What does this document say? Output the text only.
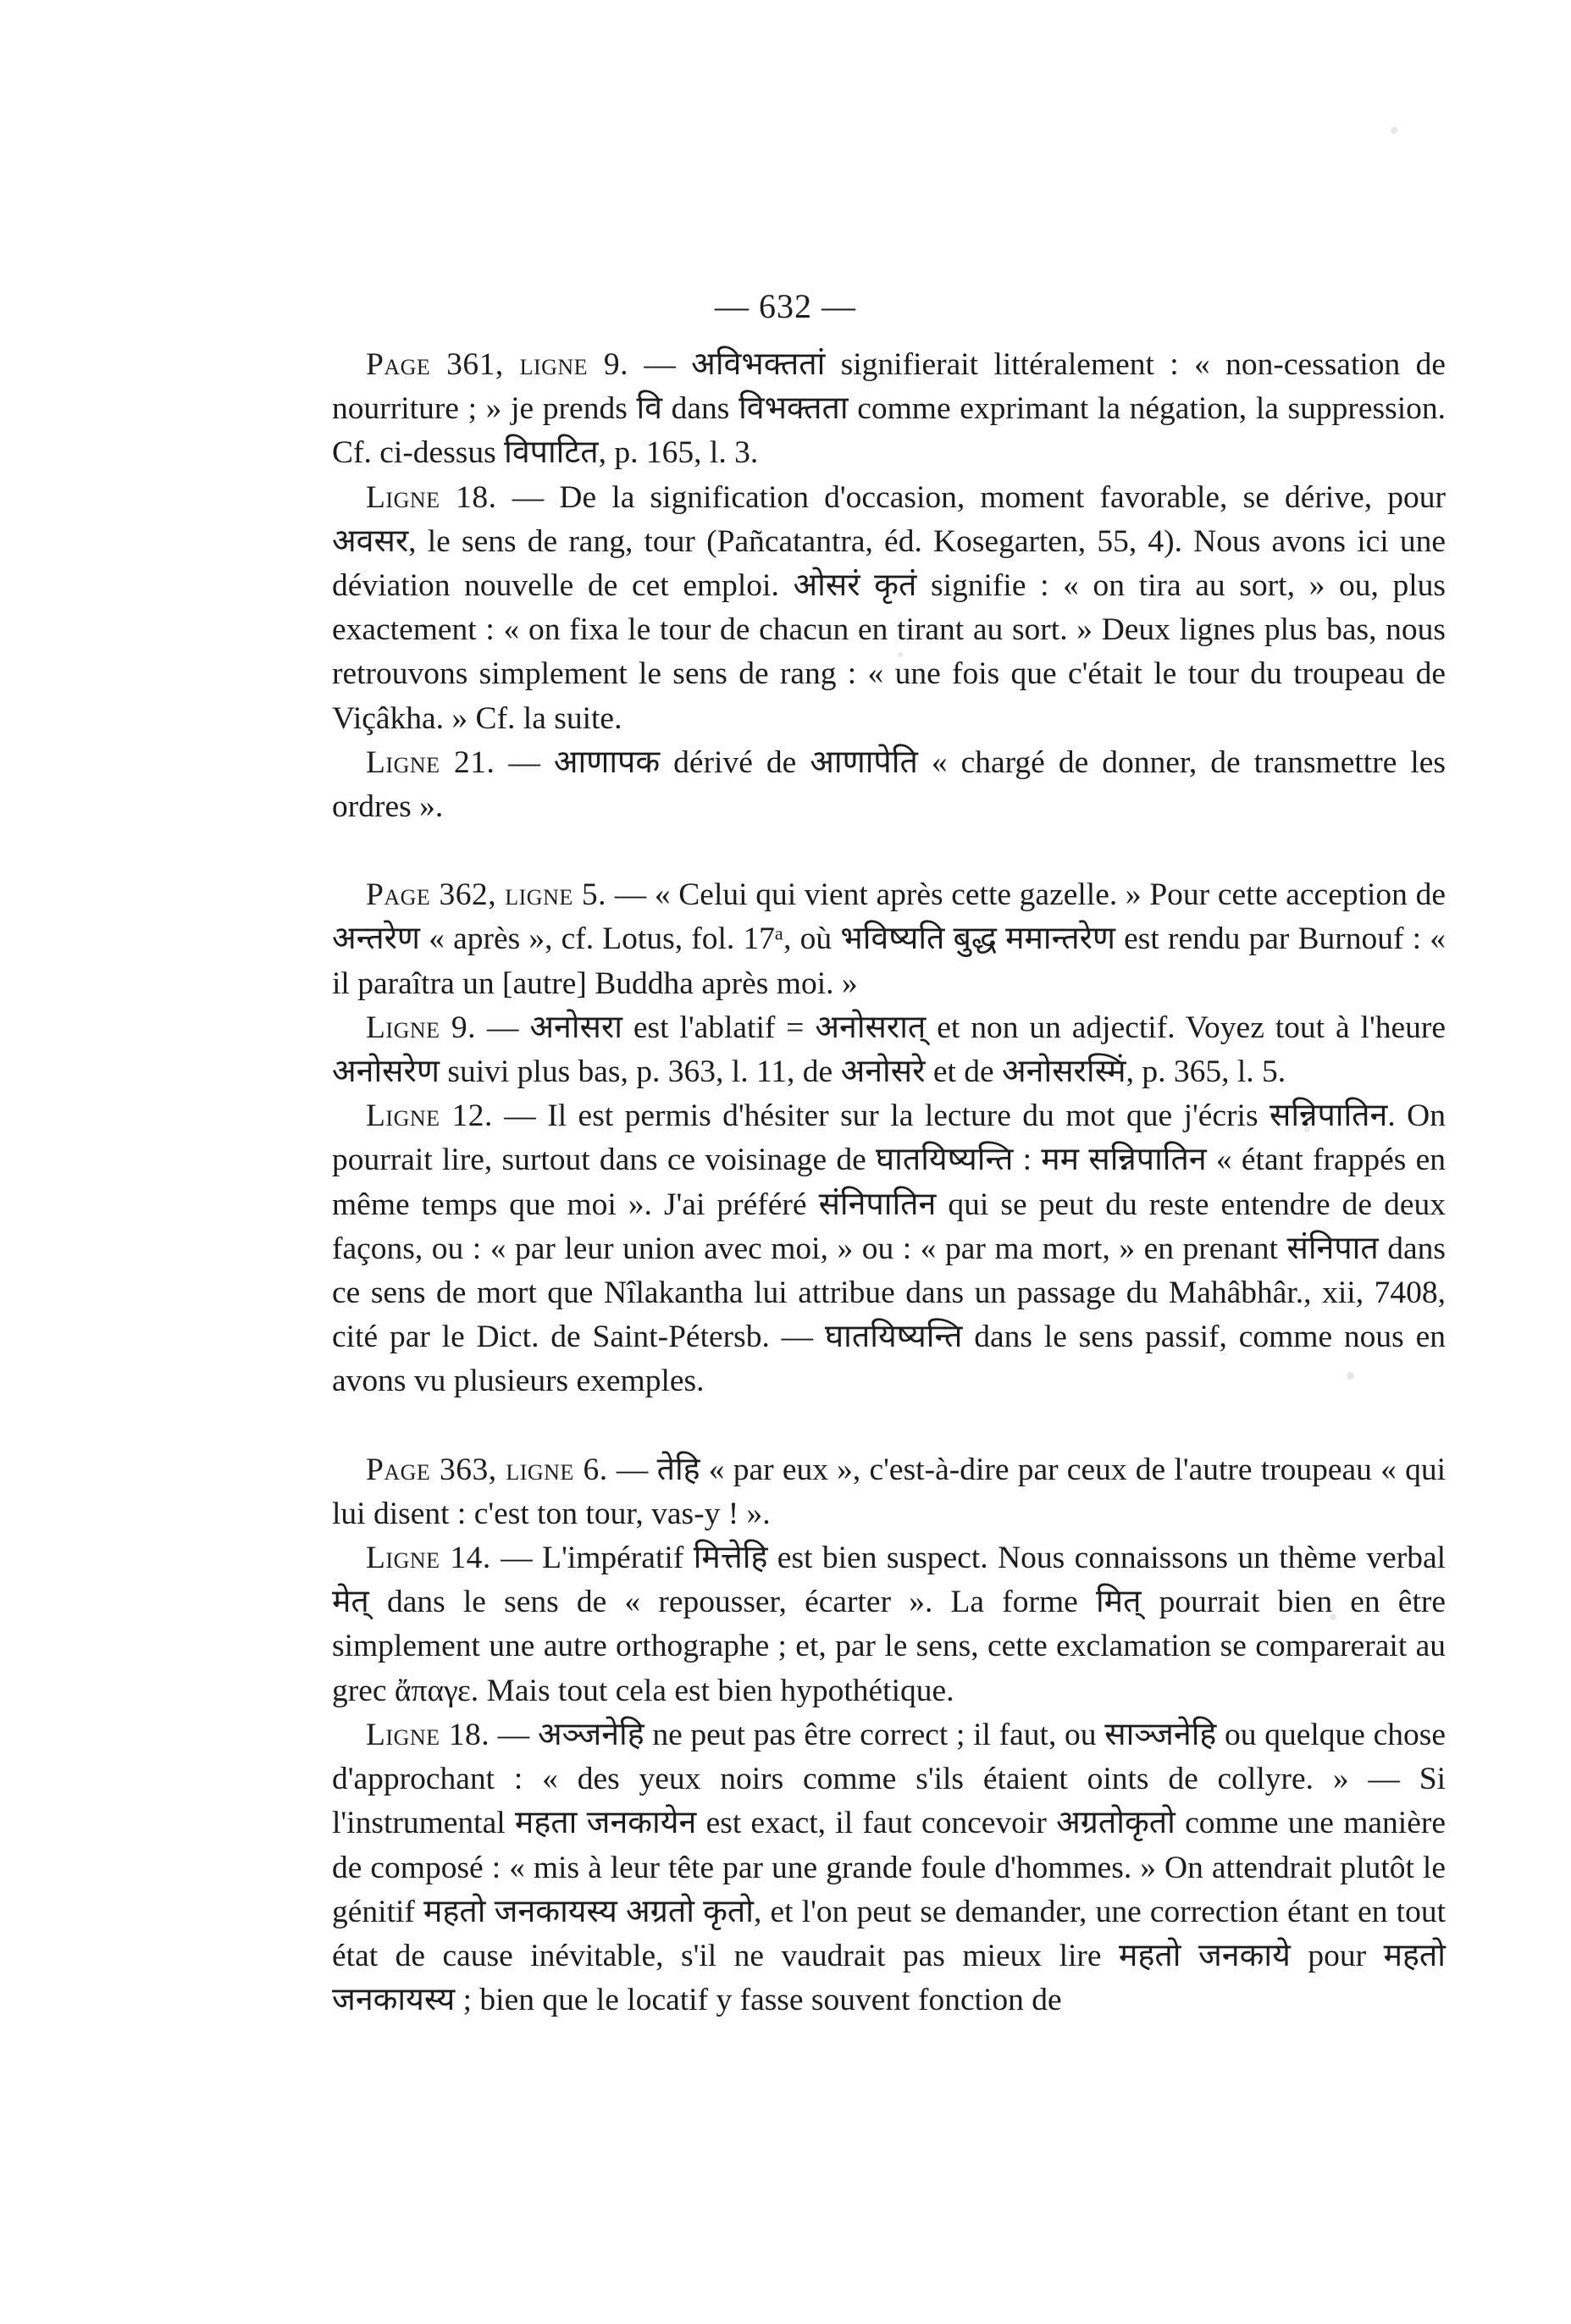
— 632 —

Page 361, ligne 9. — अविभक्ततां signifierait littéralement : « non-cessation de nourriture ; » je prends वि dans विभक्तता comme exprimant la négation, la suppression. Cf. ci-dessus विपाटित, p. 165, l. 3.

Ligne 18. — De la signification d'occasion, moment favorable, se dérive, pour अवसर, le sens de rang, tour (Pañcatantra, éd. Kosegarten, 55, 4). Nous avons ici une déviation nouvelle de cet emploi. ओसरं कृतं signifie : « on tira au sort, » ou, plus exactement : « on fixa le tour de chacun en tirant au sort. » Deux lignes plus bas, nous retrouvons simplement le sens de rang : « une fois que c'était le tour du troupeau de Viçâkha. » Cf. la suite.

Ligne 21. — आणापक dérivé de आणापेति « chargé de donner, de transmettre les ordres ».

Page 362, ligne 5. — « Celui qui vient après cette gazelle. » Pour cette acception de अन्तरेण « après », cf. Lotus, fol. 17ᵃ, où भविष्यति बुद्ध ममान्तरेण est rendu par Burnouf : « il paraîtra un [autre] Buddha après moi. »

Ligne 9. — अनोसरा est l'ablatif = अनोसरात् et non un adjectif. Voyez tout à l'heure अनोसरेण suivi plus bas, p. 363, l. 11, de अनोसरे et de अनोसरस्मिं, p. 365, l. 5.

Ligne 12. — Il est permis d'hésiter sur la lecture du mot que j'écris सन्निपातिन. On pourrait lire, surtout dans ce voisinage de घातयिष्यन्ति : मम सन्निपातिन « étant frappés en même temps que moi ». J'ai préféré संनिपातिन qui se peut du reste entendre de deux façons, ou : « par leur union avec moi, » ou : « par ma mort, » en prenant संनिपात dans ce sens de mort que Nîlakantha lui attribue dans un passage du Mahâbhâr., xii, 7408, cité par le Dict. de Saint-Pétersb. — घातयिष्यन्ति dans le sens passif, comme nous en avons vu plusieurs exemples.

Page 363, ligne 6. — तेहि « par eux », c'est-à-dire par ceux de l'autre troupeau « qui lui disent : c'est ton tour, vas-y ! ».

Ligne 14. — L'impératif मित्तेहि est bien suspect. Nous connaissons un thème verbal मेत् dans le sens de « repousser, écarter ». La forme मित् pourrait bien en être simplement une autre orthographe ; et, par le sens, cette exclamation se comparerait au grec ἄπαγε. Mais tout cela est bien hypothétique.

Ligne 18. — अञ्जनेहि ne peut pas être correct ; il faut, ou साञ्जनेहि ou quelque chose d'approchant : « des yeux noirs comme s'ils étaient oints de collyre. » — Si l'instrumental महता जनकायेन est exact, il faut concevoir अग्रतोकृतो comme une manière de composé : « mis à leur tête par une grande foule d'hommes. » On attendrait plutôt le génitif महतो जनकायस्य अग्रतो कृतो, et l'on peut se demander, une correction étant en tout état de cause inévitable, s'il ne vaudrait pas mieux lire महतो जनकाये pour महतो जनकायस्य ; bien que le locatif y fasse souvent fonction de
